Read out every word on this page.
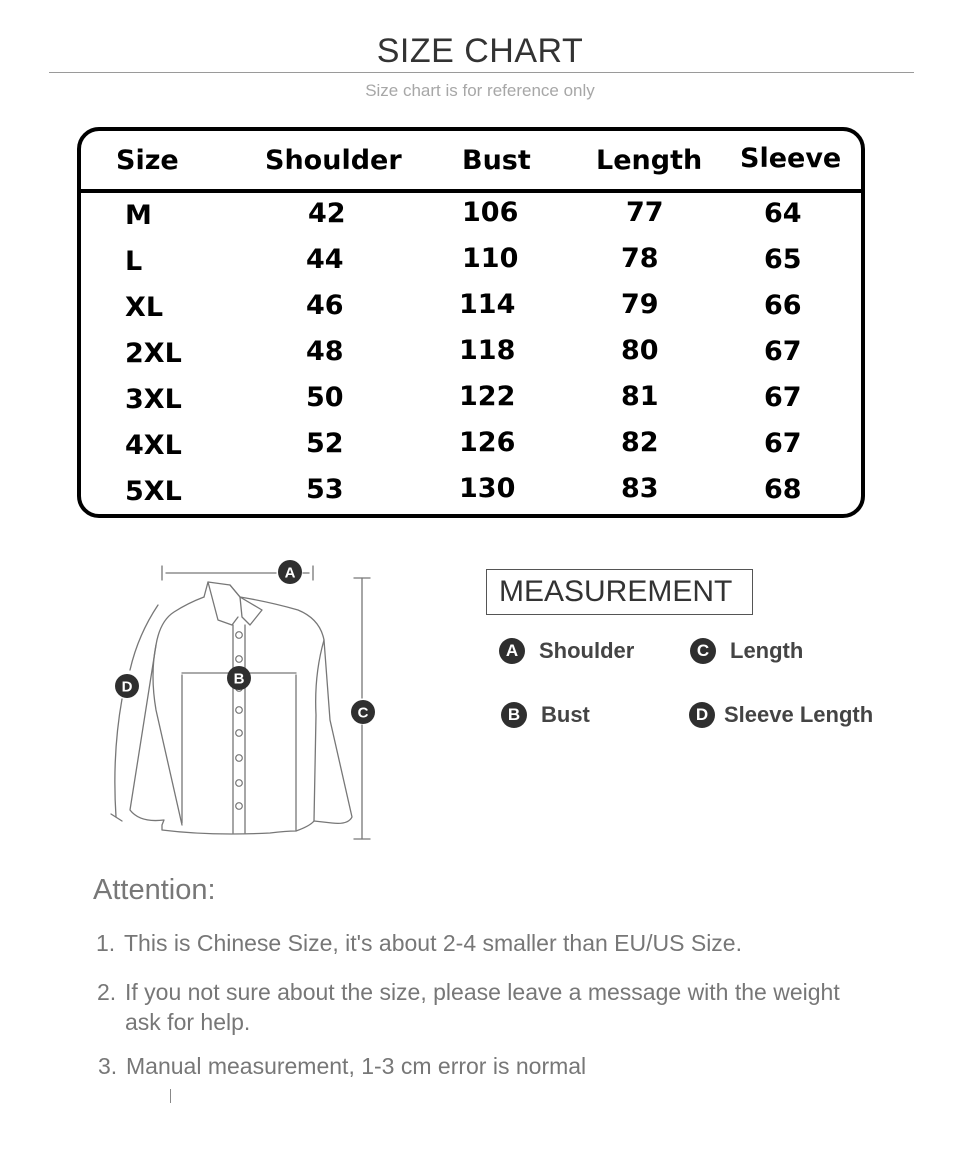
SIZE CHART
Size chart is for reference only
Size	Shoulder Bust Length Sleeve
M	42	106	77	64
L	44	110	78	65
XL	46	114	79	66
2XL	48	118	80	67
3XL	50	122	81	67
4XL	52	126	82	67
5XL	53	130	83	68
A
B
C
D
MEASUREMENT
A Shoulder	C Length
B Bust	D Sleeve Length
Attention:
1. This is Chinese Size, it's about 2-4 smaller than EU/US Size.
2. If you not sure about the size, please leave a message with the weight ask for help.
3. Manual measurement, 1-3 cm error is normal
